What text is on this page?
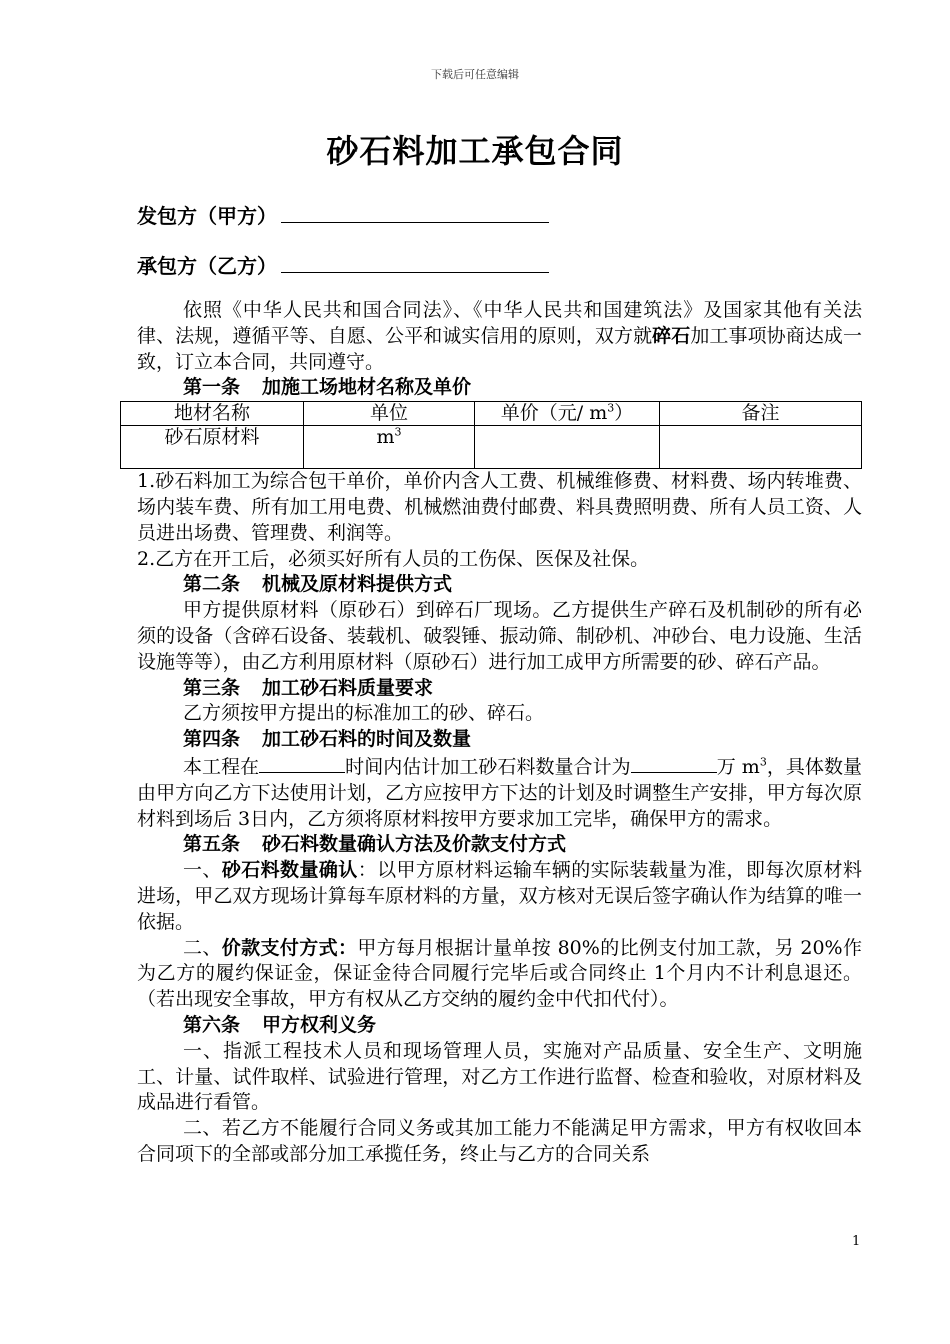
下载后可任意编辑
砂石料加工承包合同
发包方（甲方）
承包方（乙方）

依照《中华人民共和国合同法》、《中华人民共和国建筑法》及国家其他有关法律、法规，遵循平等、自愿、公平和诚实信用的原则，双方就碎石加工事项协商达成一致，订立本合同，共同遵守。

第一条 加施工场地材名称及单价

地材名称	单位	单价（元/ $m^3$）	备注
砂石原材料	$m^3$		

1.砂石料加工为综合包干单价，单价内含人工费、机械维修费、材料费、场内转堆费、场内装车费、所有加工用电费、机械燃油费付邮费、料具费照明费、所有人员工资、人员进出场费、管理费、利润等。

2.乙方在开工后，必须买好所有人员的工伤保、医保及社保。

第二条 机械及原材料提供方式

甲方提供原材料（原砂石）到碎石厂现场。乙方提供生产碎石及机制砂的所有必须的设备（含碎石设备、装载机、破裂锤、振动筛、制砂机、冲砂台、电力设施、生活设施等等），由乙方利用原材料（原砂石）进行加工成甲方所需要的砂、碎石产品。

第三条 加工砂石料质量要求

乙方须按甲方提出的标准加工的砂、碎石。

第四条 加工砂石料的时间及数量

本工程在	时间内估计加工砂石料数量合计为	万 $m^3$，具体数量由甲方向乙方下达使用计划，乙方应按甲方下达的计划及时调整生产安排，甲方每次原材料到场后 3日内，乙方须将原材料按甲方要求加工完毕，确保甲方的需求。

第五条 砂石料数量确认方法及价款支付方式

一、砂石料数量确认：以甲方原材料运输车辆的实际装载量为准，即每次原材料进场，甲乙双方现场计算每车原材料的方量，双方核对无误后签字确认作为结算的唯一依据。

二、价款支付方式：甲方每月根据计量单按 80%的比例支付加工款，另 20%作为乙方的履约保证金，保证金待合同履行完毕后或合同终止 1个月内不计利息退还。（若出现安全事故，甲方有权从乙方交纳的履约金中代扣代付）。

第六条 甲方权利义务

一、指派工程技术人员和现场管理人员，实施对产品质量、安全生产、文明施工、计量、试件取样、试验进行管理，对乙方工作进行监督、检查和验收，对原材料及成品进行看管。

二、若乙方不能履行合同义务或其加工能力不能满足甲方需求，甲方有权收回本合同项下的全部或部分加工承揽任务，终止与乙方的合同关系

1
